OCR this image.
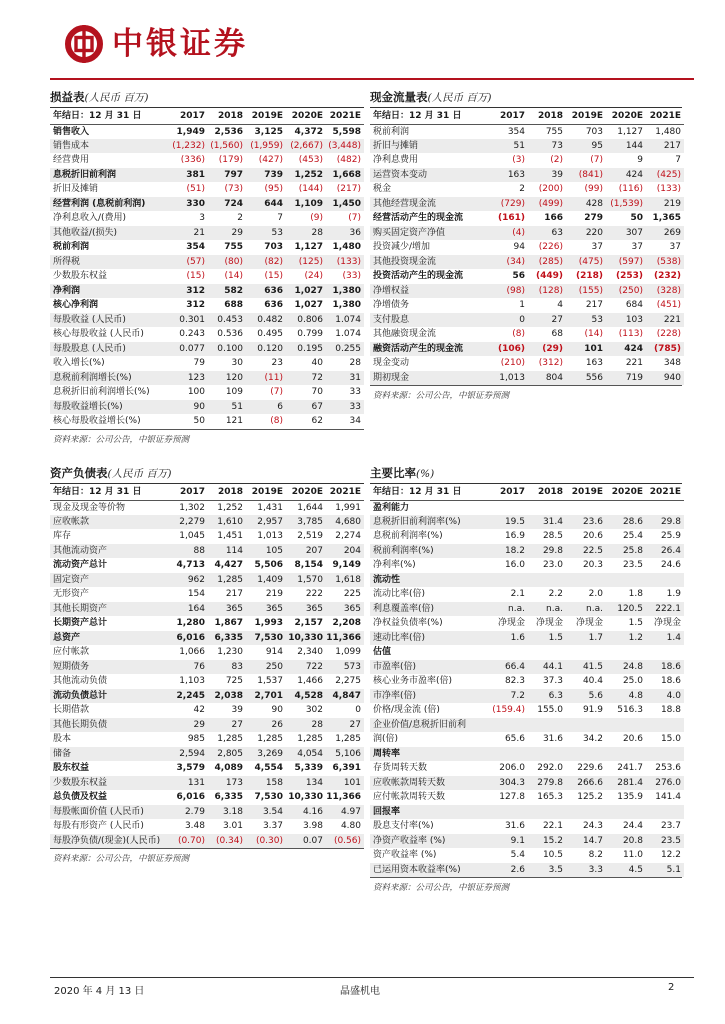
中银证券
损益表(人民币 百万)
年结日：12 月 31 日	2017	2018	2019E	2020E	2021E
销售收入	1,949	2,536	3,125	4,372	5,598
销售成本	(1,232)	(1,560)	(1,959)	(2,667)	(3,448)
经营费用	(336)	(179)	(427)	(453)	(482)
息税折旧前利润	381	797	739	1,252	1,668
折旧及摊销	(51)	(73)	(95)	(144)	(217)
经营利润 (息税前利润)	330	724	644	1,109	1,450
净利息收入/(费用)	3	2	7	(9)	(7)
其他收益/(损失)	21	29	53	28	36
税前利润	354	755	703	1,127	1,480
所得税	(57)	(80)	(82)	(125)	(133)
少数股东权益	(15)	(14)	(15)	(24)	(33)
净利润	312	582	636	1,027	1,380
核心净利润	312	688	636	1,027	1,380
每股收益 (人民币)	0.301	0.453	0.482	0.806	1.074
核心每股收益 (人民币)	0.243	0.536	0.495	0.799	1.074
每股股息 (人民币)	0.077	0.100	0.120	0.195	0.255
收入增长(%)	79	30	23	40	28
息税前利润增长(%)	123	120	(11)	72	31
息税折旧前利润增长(%)	100	109	(7)	70	33
每股收益增长(%)	90	51	6	67	33
核心每股收益增长(%)	50	121	(8)	62	34
资料来源：公司公告，中银证券预测
现金流量表(人民币 百万)
年结日：12 月 31 日	2017	2018	2019E	2020E	2021E
税前利润	354	755	703	1,127	1,480
折旧与摊销	51	73	95	144	217
净利息费用	(3)	(2)	(7)	9	7
运营资本变动	163	39	(841)	424	(425)
税金	2	(200)	(99)	(116)	(133)
其他经营现金流	(729)	(499)	428	(1,539)	219
经营活动产生的现金流	(161)	166	279	50	1,365
购买固定资产净值	(4)	63	220	307	269
投资减少/增加	94	(226)	37	37	37
其他投资现金流	(34)	(285)	(475)	(597)	(538)
投资活动产生的现金流	56	(449)	(218)	(253)	(232)
净增权益	(98)	(128)	(155)	(250)	(328)
净增债务	1	4	217	684	(451)
支付股息	0	27	53	103	221
其他融资现金流	(8)	68	(14)	(113)	(228)
融资活动产生的现金流	(106)	(29)	101	424	(785)
现金变动	(210)	(312)	163	221	348
期初现金	1,013	804	556	719	940
资料来源：公司公告，中银证券预测
资产负债表(人民币 百万)
年结日：12 月 31 日	2017	2018	2019E	2020E	2021E
现金及现金等价物	1,302	1,252	1,431	1,644	1,991
应收帐款	2,279	1,610	2,957	3,785	4,680
库存	1,045	1,451	1,013	2,519	2,274
其他流动资产	88	114	105	207	204
流动资产总计	4,713	4,427	5,506	8,154	9,149
固定资产	962	1,285	1,409	1,570	1,618
无形资产	154	217	219	222	225
其他长期资产	164	365	365	365	365
长期资产总计	1,280	1,867	1,993	2,157	2,208
总资产	6,016	6,335	7,530	10,330	11,366
应付帐款	1,066	1,230	914	2,340	1,099
短期债务	76	83	250	722	573
其他流动负债	1,103	725	1,537	1,466	2,275
流动负债总计	2,245	2,038	2,701	4,528	4,847
长期借款	42	39	90	302	0
其他长期负债	29	27	26	28	27
股本	985	1,285	1,285	1,285	1,285
储备	2,594	2,805	3,269	4,054	5,106
股东权益	3,579	4,089	4,554	5,339	6,391
少数股东权益	131	173	158	134	101
总负债及权益	6,016	6,335	7,530	10,330	11,366
每股帐面价值 (人民币)	2.79	3.18	3.54	4.16	4.97
每股有形资产 (人民币)	3.48	3.01	3.37	3.98	4.80
每股净负债/(现金)(人民币)	(0.70)	(0.34)	(0.30)	0.07	(0.56)
资料来源：公司公告，中银证券预测
主要比率(%)
年结日：12 月 31 日	2017	2018	2019E	2020E	2021E
盈利能力					
息税折旧前利润率(%)	19.5	31.4	23.6	28.6	29.8
息税前利润率(%)	16.9	28.5	20.6	25.4	25.9
税前利润率(%)	18.2	29.8	22.5	25.8	26.4
净利率(%)	16.0	23.0	20.3	23.5	24.6
流动性					
流动比率(倍)	2.1	2.2	2.0	1.8	1.9
利息覆盖率(倍)	n.a.	n.a.	n.a.	120.5	222.1
净权益负债率(%)	净现金	净现金	净现金	1.5	净现金
速动比率(倍)	1.6	1.5	1.7	1.2	1.4
估值					
市盈率(倍)	66.4	44.1	41.5	24.8	18.6
核心业务市盈率(倍)	82.3	37.3	40.4	25.0	18.6
市净率(倍)	7.2	6.3	5.6	4.8	4.0
价格/现金流 (倍)	(159.4)	155.0	91.9	516.3	18.8
企业价值/息税折旧前利					
润(倍)	65.6	31.6	34.2	20.6	15.0
周转率					
存货周转天数	206.0	292.0	229.6	241.7	253.6
应收帐款周转天数	304.3	279.8	266.6	281.4	276.0
应付帐款周转天数	127.8	165.3	125.2	135.9	141.4
回报率					
股息支付率(%)	31.6	22.1	24.3	24.4	23.7
净资产收益率 (%)	9.1	15.2	14.7	20.8	23.5
资产收益率 (%)	5.4	10.5	8.2	11.0	12.2
已运用资本收益率(%)	2.6	3.5	3.3	4.5	5.1
资料来源：公司公告，中银证券预测
2020 年 4 月 13 日	晶盛机电	2
